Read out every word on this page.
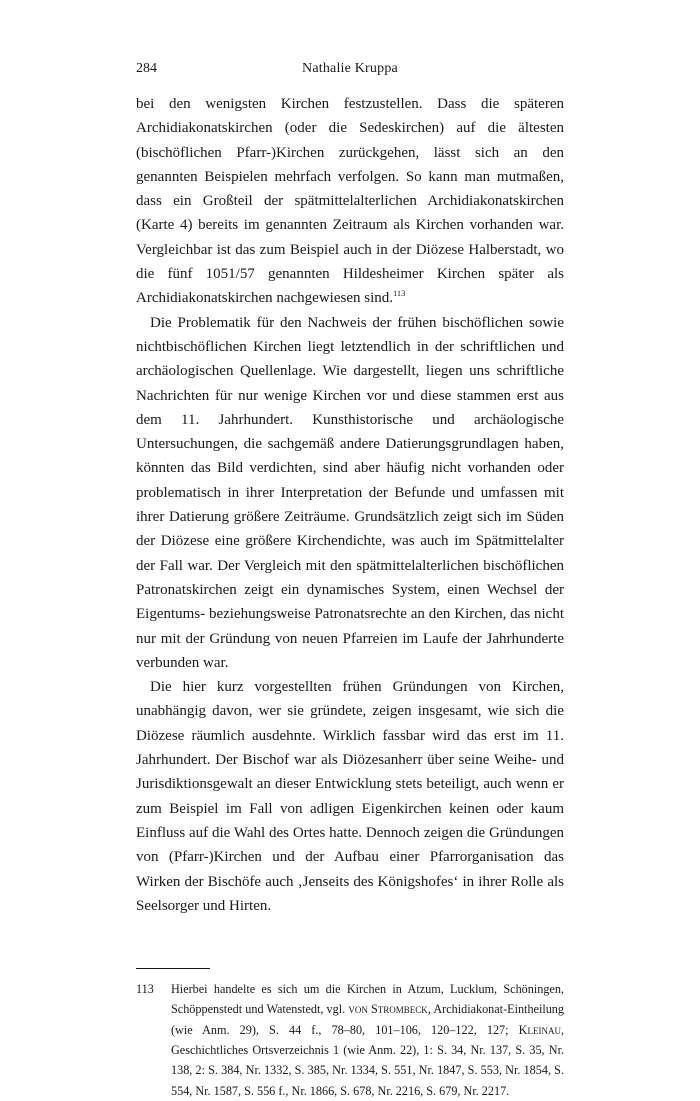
284	Nathalie Kruppa

bei den wenigsten Kirchen festzustellen. Dass die späteren Archidiakonatskirchen (oder die Sedeskirchen) auf die ältesten (bischöflichen Pfarr-)Kirchen zurückgehen, lässt sich an den genannten Beispielen mehrfach verfolgen. So kann man mutmaßen, dass ein Großteil der spätmittelalterlichen Archidiakonatskirchen (Karte 4) bereits im genannten Zeitraum als Kirchen vorhanden war. Vergleichbar ist das zum Beispiel auch in der Diözese Halberstadt, wo die fünf 1051/57 genannten Hildesheimer Kirchen später als Archidiakonatskirchen nachgewiesen sind.$^{113}$

Die Problematik für den Nachweis der frühen bischöflichen sowie nichtbischöflichen Kirchen liegt letztendlich in der schriftlichen und archäologischen Quellenlage. Wie dargestellt, liegen uns schriftliche Nachrichten für nur wenige Kirchen vor und diese stammen erst aus dem 11. Jahrhundert. Kunsthistorische und archäologische Untersuchungen, die sachgemäß andere Datierungsgrundlagen haben, könnten das Bild verdichten, sind aber häufig nicht vorhanden oder problematisch in ihrer Interpretation der Befunde und umfassen mit ihrer Datierung größere Zeiträume. Grundsätzlich zeigt sich im Süden der Diözese eine größere Kirchendichte, was auch im Spätmittelalter der Fall war. Der Vergleich mit den spätmittelalterlichen bischöflichen Patronatskirchen zeigt ein dynamisches System, einen Wechsel der Eigentums- beziehungsweise Patronatsrechte an den Kirchen, das nicht nur mit der Gründung von neuen Pfarreien im Laufe der Jahrhunderte verbunden war.

Die hier kurz vorgestellten frühen Gründungen von Kirchen, unabhängig davon, wer sie gründete, zeigen insgesamt, wie sich die Diözese räumlich ausdehnte. Wirklich fassbar wird das erst im 11. Jahrhundert. Der Bischof war als Diözesanherr über seine Weihe- und Jurisdiktionsgewalt an dieser Entwicklung stets beteiligt, auch wenn er zum Beispiel im Fall von adligen Eigenkirchen keinen oder kaum Einfluss auf die Wahl des Ortes hatte. Dennoch zeigen die Gründungen von (Pfarr-)Kirchen und der Aufbau einer Pfarrorganisation das Wirken der Bischöfe auch ‚Jenseits des Königshofes‘ in ihrer Rolle als Seelsorger und Hirten.

113	Hierbei handelte es sich um die Kirchen in Atzum, Lucklum, Schöningen, Schöppenstedt und Watenstedt, vgl. von Strombeck, Archidiakonat-Eintheilung (wie Anm. 29), S. 44 f., 78–80, 101–106, 120–122, 127; Kleinau, Geschichtliches Ortsverzeichnis 1 (wie Anm. 22), 1: S. 34, Nr. 137, S. 35, Nr. 138, 2: S. 384, Nr. 1332, S. 385, Nr. 1334, S. 551, Nr. 1847, S. 553, Nr. 1854, S. 554, Nr. 1587, S. 556 f., Nr. 1866, S. 678, Nr. 2216, S. 679, Nr. 2217.
